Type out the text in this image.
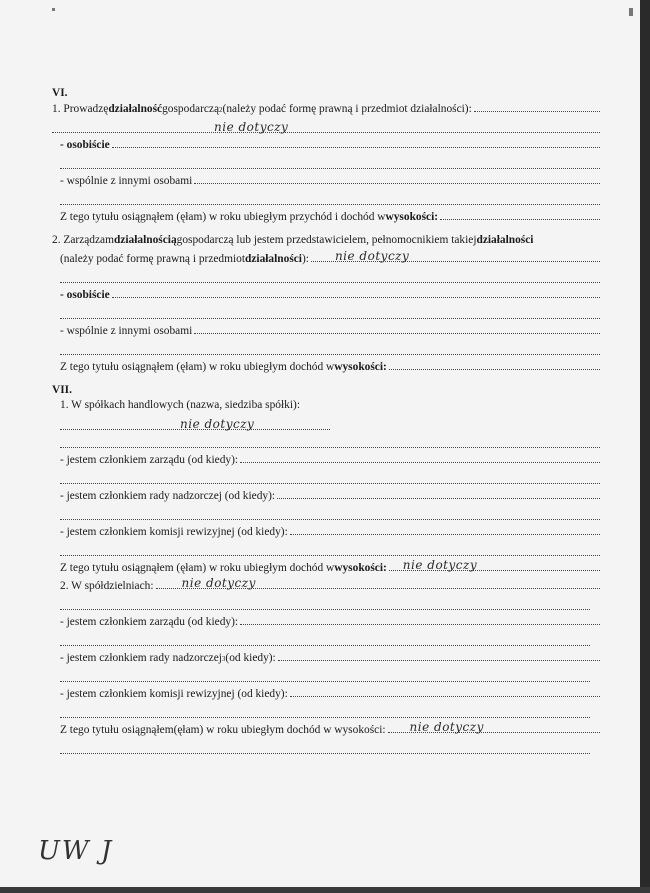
VI.
1. Prowadzę działalność gospodarczą 2 (należy podać formę prawną i przedmiot działalności):
nie dotyczy
- osobiście
- wspólnie z innymi osobami
Z tego tytułu osiągnąłem (ęłam) w roku ubiegłym przychód i dochód w wysokości:
2. Zarządzam działalnością gospodarczą lub jestem przedstawicielem, pełnomocnikiem takiej działalności
(należy podać formę prawną i przedmiot działalności ): nie dotyczy
- osobiście
- wspólnie z innymi osobami
Z tego tytułu osiągnąłem (ęłam) w roku ubiegłym dochód w wysokości:
VII.
1. W spółkach handlowych (nazwa, siedziba spółki):
nie dotyczy
- jestem członkiem zarządu (od kiedy):
- jestem członkiem rady nadzorczej (od kiedy):
- jestem członkiem komisji rewizyjnej (od kiedy):
Z tego tytułu osiągnąłem (ęłam) w roku ubiegłym dochód w wysokości: nie dotyczy
2. W spółdzielniach: nie dotyczy
- jestem członkiem zarządu (od kiedy):
- jestem członkiem rady nadzorczej 3 (od kiedy):
- jestem członkiem komisji rewizyjnej (od kiedy):
Z tego tytułu osiągnąłem(ęłam) w roku ubiegłym dochód w wysokości: nie dotyczy
UW J
